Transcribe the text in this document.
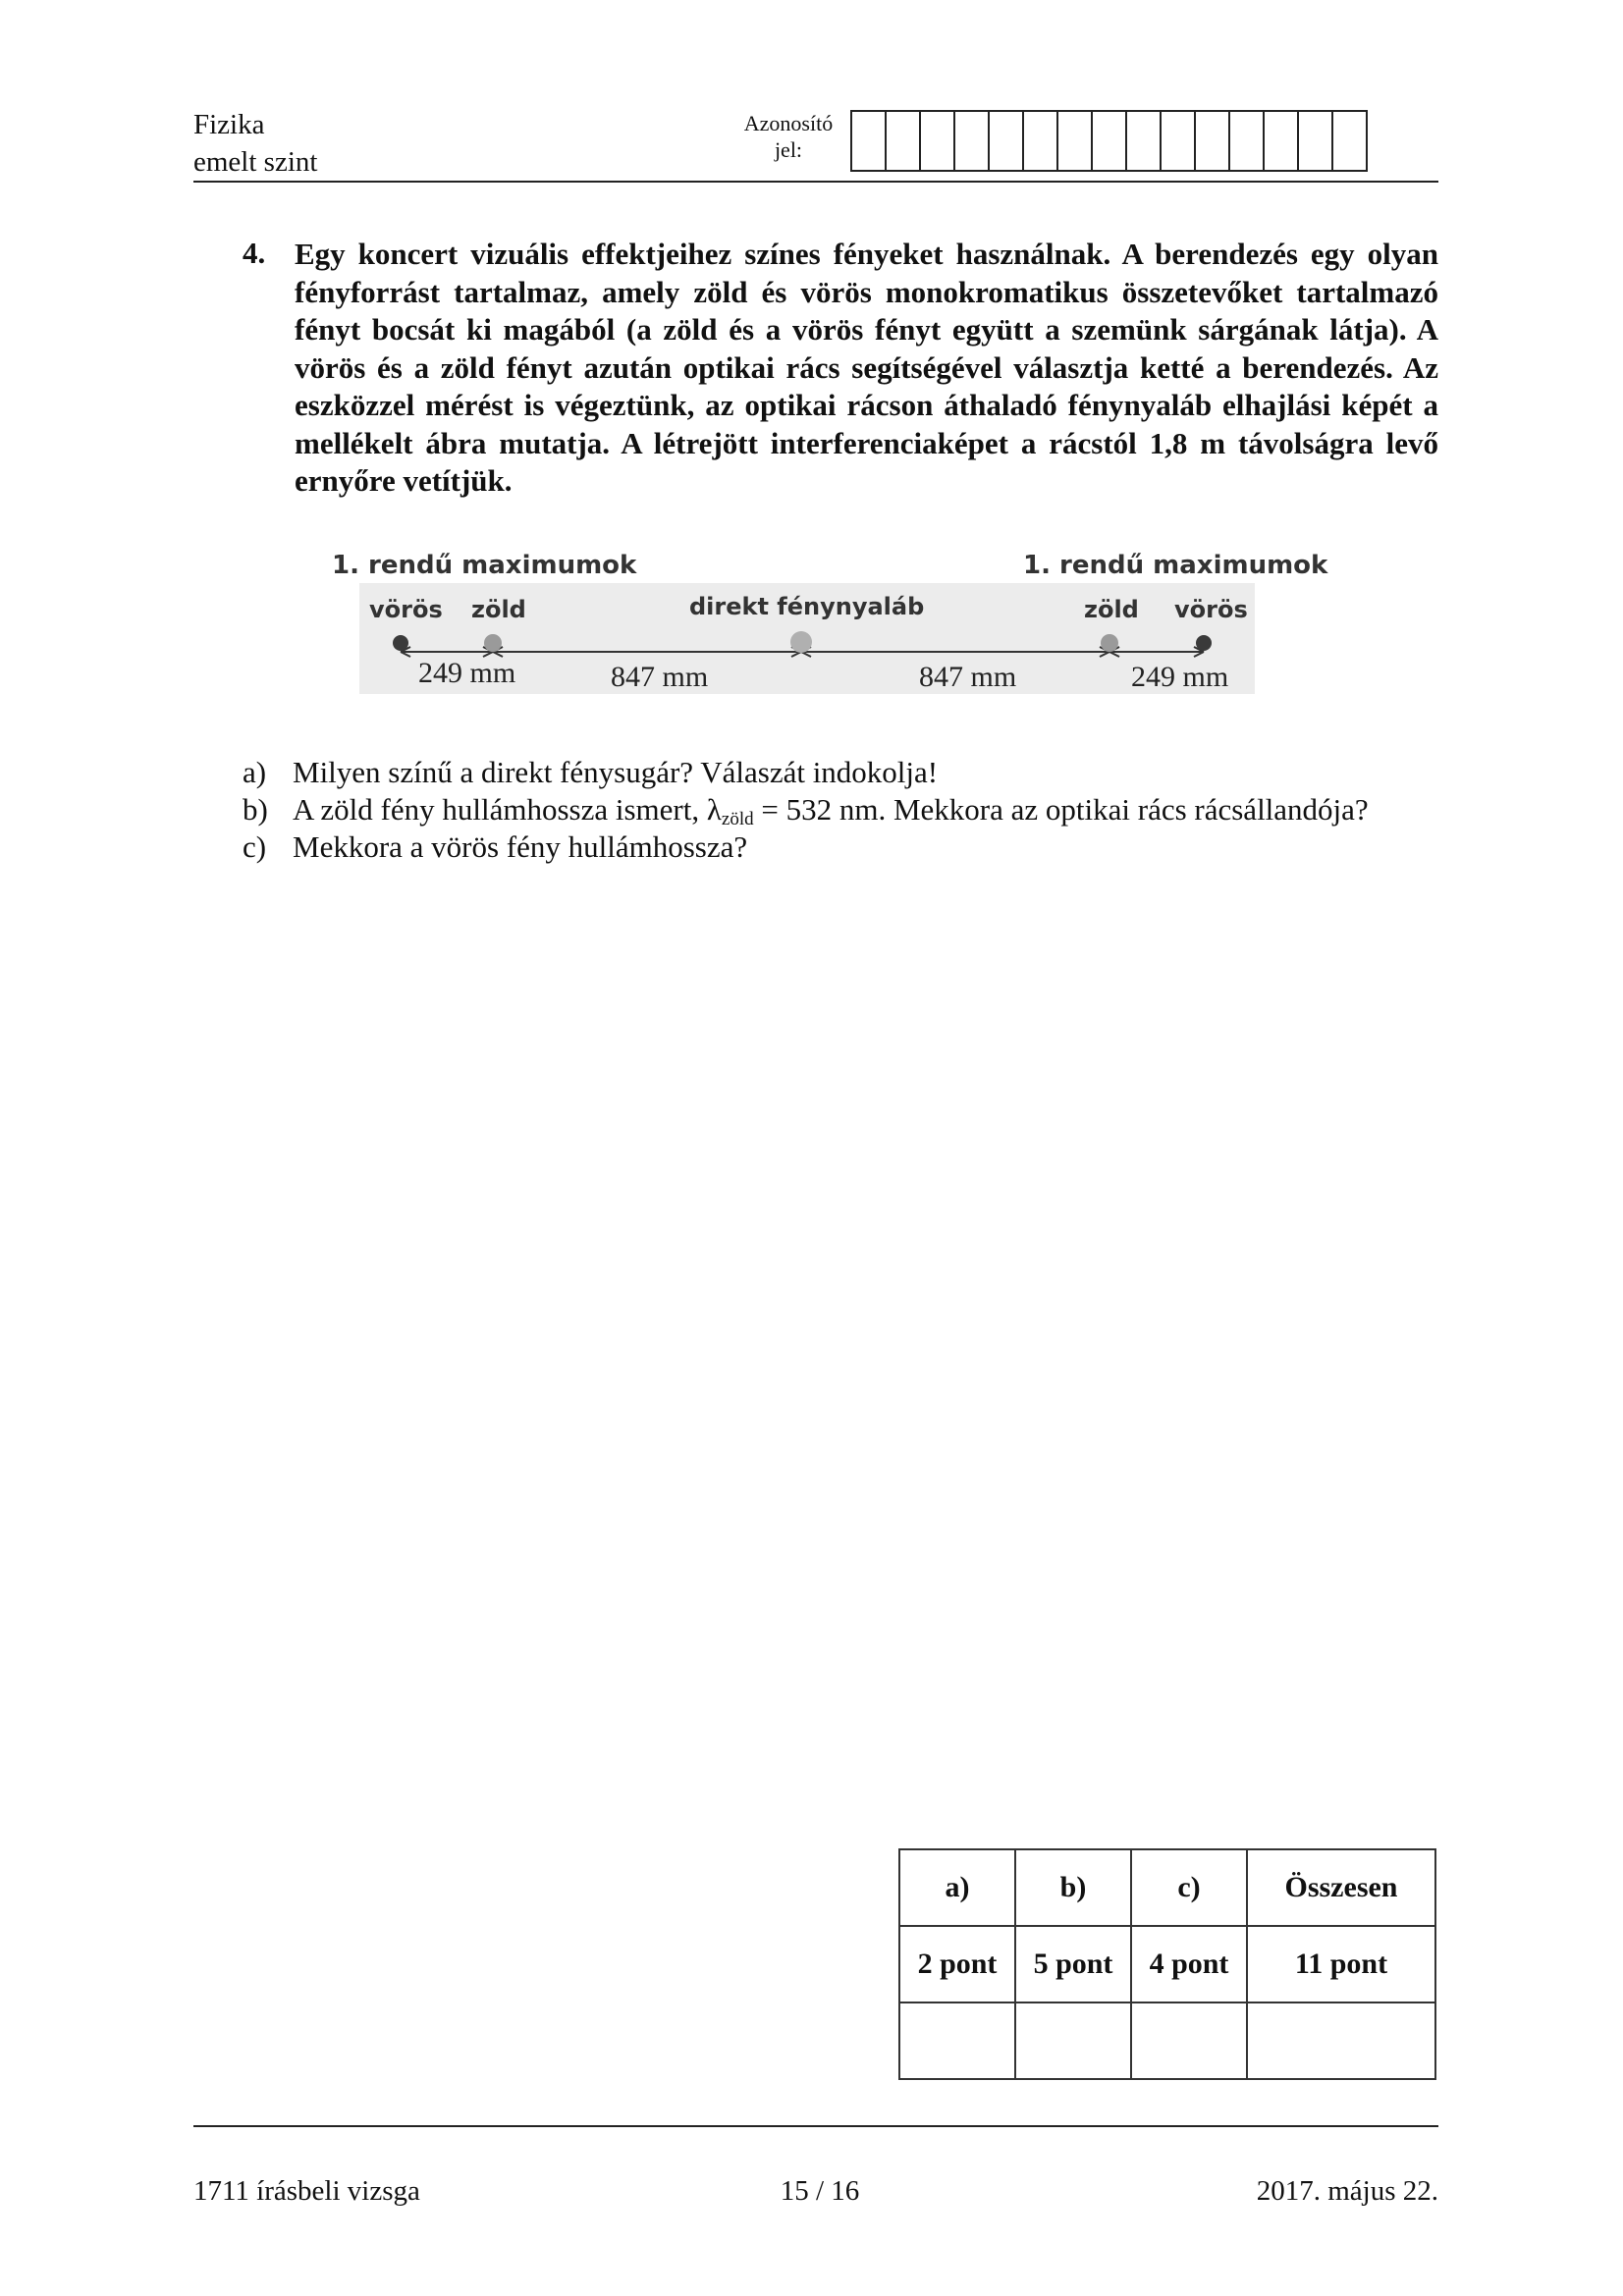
Fizika
emelt szint
Azonosító
jel:
4. Egy koncert vizuális effektjeihez színes fényeket használnak. A berendezés egy olyan fényforrást tartalmaz, amely zöld és vörös monokromatikus összetevőket tartalmazó fényt bocsát ki magából (a zöld és a vörös fényt együtt a szemünk sárgának látja). A vörös és a zöld fényt azután optikai rács segítségével választja ketté a berendezés. Az eszközzel mérést is végeztünk, az optikai rácson áthaladó fénynyaláb elhajlási képét a mellékelt ábra mutatja. A létrejött interferenciaképet a rácstól 1,8 m távolságra levő ernyőre vetítjük.
1. rendű maximumok	1. rendű maximumok
vörös zöld	direkt fénynyaláb	zöld vörös
249 mm	847 mm	847 mm	249 mm
a) Milyen színű a direkt fénysugár? Válaszát indokolja!
b) A zöld fény hullámhossza ismert, $\lambda_{zöld} = 532$ nm. Mekkora az optikai rács rácsállandója?
c) Mekkora a vörös fény hullámhossza?
a)	b)	c)	Összesen
2 pont	5 pont	4 pont	11 pont

1711 írásbeli vizsga	15 / 16	2017. május 22.
